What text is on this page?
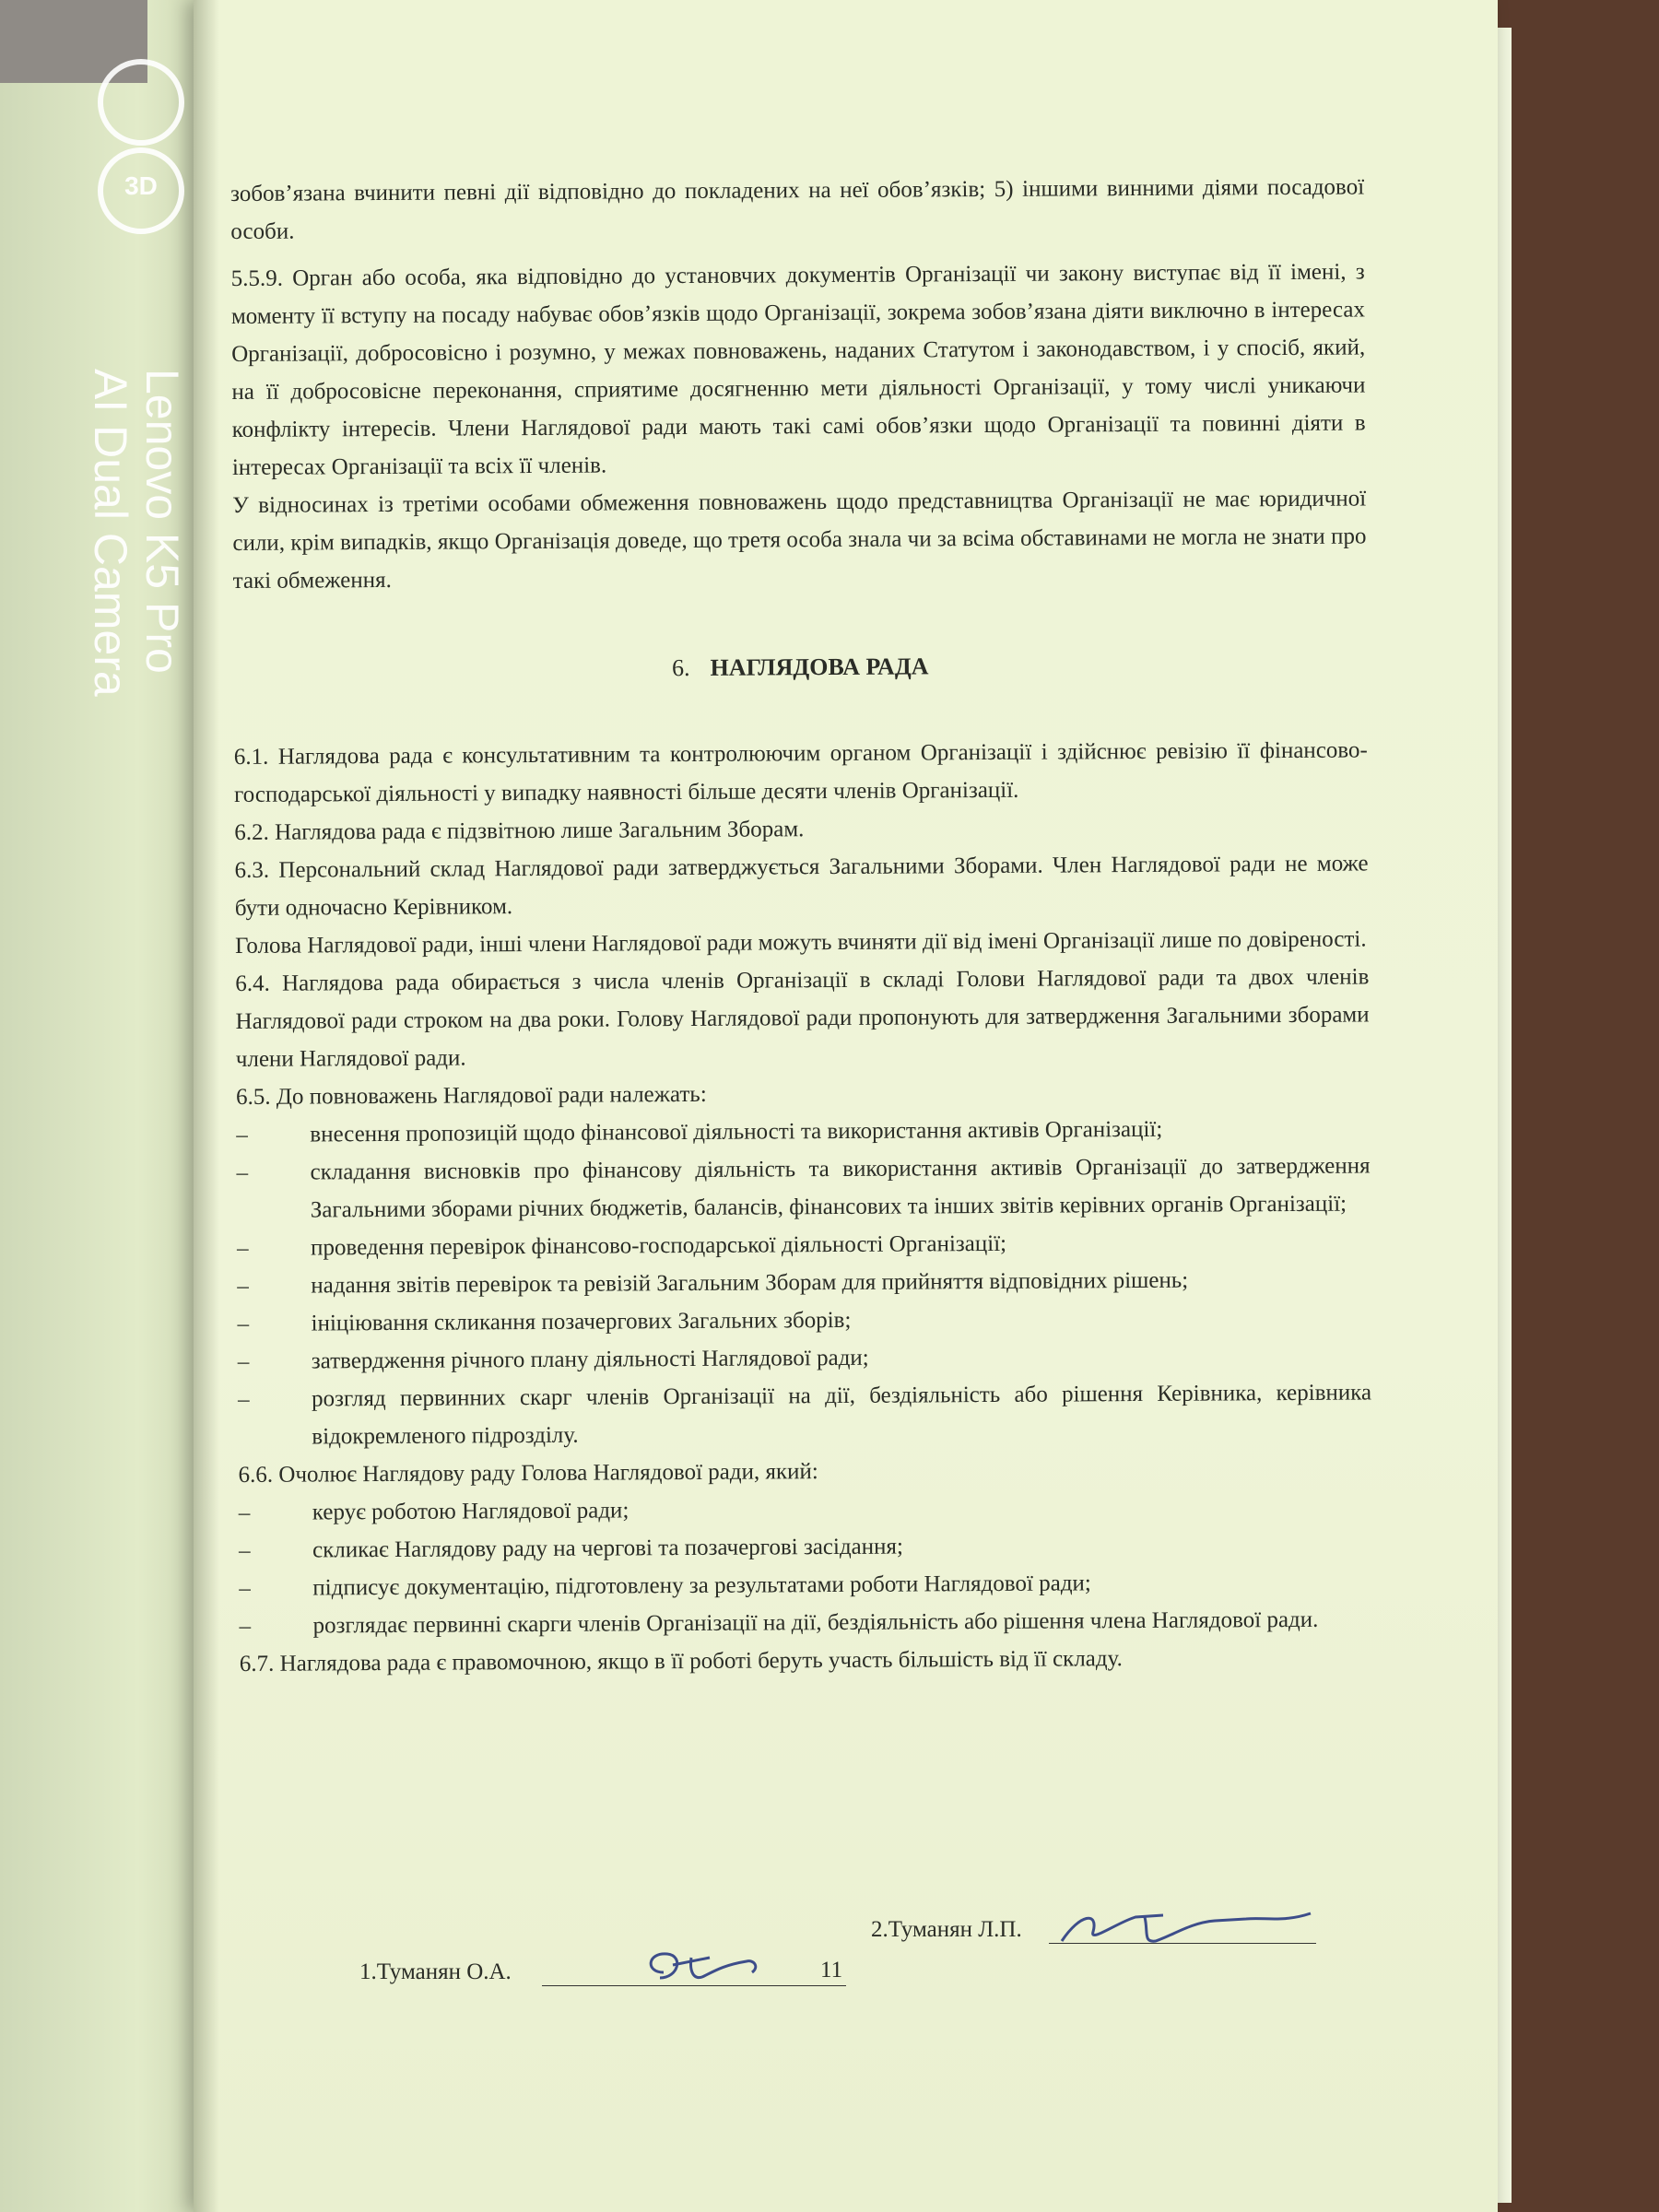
3D
Lenovo K5 Pro
AI Dual Camera

зобов’язана вчинити певні дії відповідно до покладених на неї обов’язків; 5) іншими винними діями посадової особи.

5.5.9. Орган або особа, яка відповідно до установчих документів Організації чи закону виступає від її імені, з моменту її вступу на посаду набуває обов’язків щодо Організації, зокрема зобов’язана діяти виключно в інтересах Організації, добросовісно і розумно, у межах повноважень, наданих Статутом і законодавством, і у спосіб, який, на її добросовісне переконання, сприятиме досягненню мети діяльності Організації, у тому числі уникаючи конфлікту інтересів. Члени Наглядової ради мають такі самі обов’язки щодо Організації та повинні діяти в інтересах Організації та всіх її членів.

У відносинах із третіми особами обмеження повноважень щодо представництва Організації не має юридичної сили, крім випадків, якщо Організація доведе, що третя особа знала чи за всіма обставинами не могла не знати про такі обмеження.

6. НАГЛЯДОВА РАДА

6.1. Наглядова рада є консультативним та контролюючим органом Організації і здійснює ревізію її фінансово-господарської діяльності у випадку наявності більше десяти членів Організації.

6.2. Наглядова рада є підзвітною лише Загальним Зборам.

6.3. Персональний склад Наглядової ради затверджується Загальними Зборами. Член Наглядової ради не може бути одночасно Керівником.

Голова Наглядової ради, інші члени Наглядової ради можуть вчиняти дії від імені Організації лише по довіреності.

6.4. Наглядова рада обирається з числа членів Організації в складі Голови Наглядової ради та двох членів Наглядової ради строком на два роки. Голову Наглядової ради пропонують для затвердження Загальними зборами члени Наглядової ради.

6.5. До повноважень Наглядової ради належать:

–	внесення пропозицій щодо фінансової діяльності та використання активів Організації;

–	складання висновків про фінансову діяльність та використання активів Організації до затвердження Загальними зборами річних бюджетів, балансів, фінансових та інших звітів керівних органів Організації;

–	проведення перевірок фінансово-господарської діяльності Організації;

–	надання звітів перевірок та ревізій Загальним Зборам для прийняття відповідних рішень;

–	ініціювання скликання позачергових Загальних зборів;

–	затвердження річного плану діяльності Наглядової ради;

–	розгляд первинних скарг членів Організації на дії, бездіяльність або рішення Керівника, керівника відокремленого підрозділу.

6.6. Очолює Наглядову раду Голова Наглядової ради, який:

–	керує роботою Наглядової ради;

–	скликає Наглядову раду на чергові та позачергові засідання;

–	підписує документацію, підготовлену за результатами роботи Наглядової ради;

–	розглядає первинні скарги членів Організації на дії, бездіяльність або рішення члена Наглядової ради.

6.7. Наглядова рада є правомочною, якщо в її роботі беруть участь більшість від її складу.

2.Туманян Л.П.
1.Туманян О.А.	11
